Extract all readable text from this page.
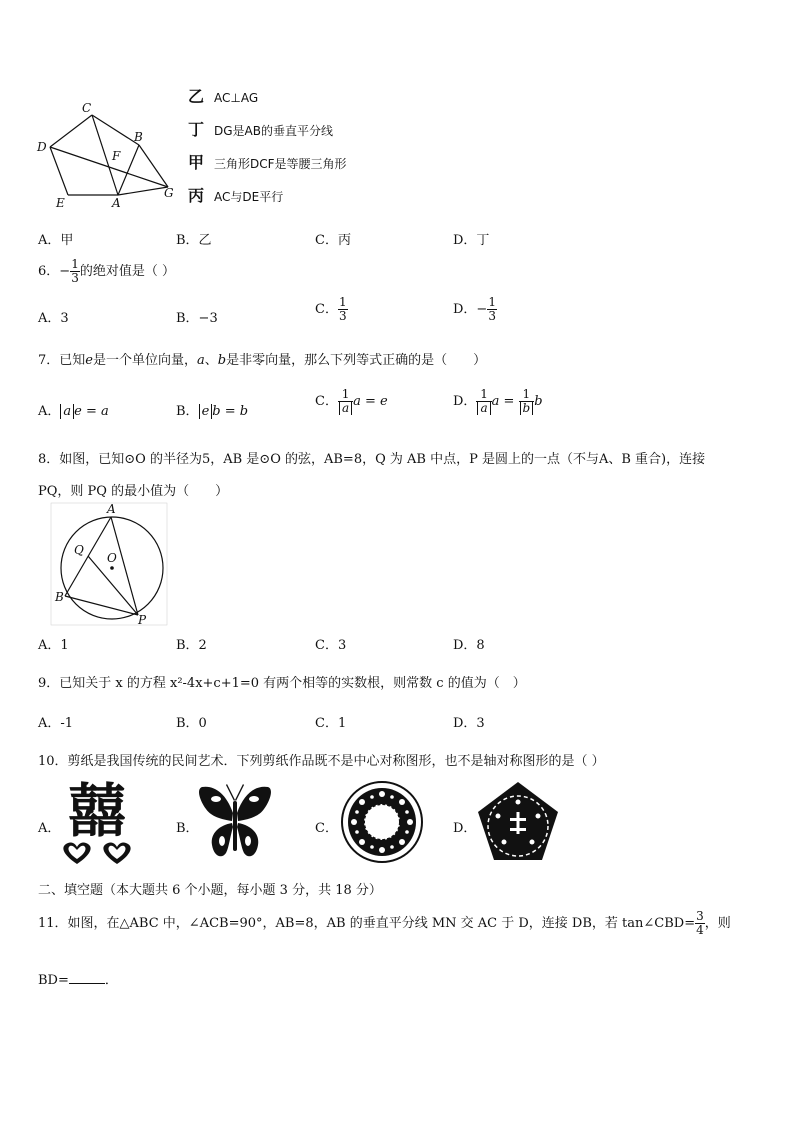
C
B
D
F
E	A
G
乙 AC⊥AG
丁 DG是AB的垂直平分线
甲 三角形DCF是等腰三角形
丙 AC与DE平行
A．甲	B．乙	C．丙	D．丁
6．− $\frac{1}{3}$ 的绝对值是（ ）
A．3	B．−3
C． $\frac{1}{3}$	D．− $\frac{1}{3}$
7．已知e是一个单位向量，a、b是非零向量，那么下列等式正确的是（　　）
A． a e = a	B． e b = b
C． $\frac{1}{a}$ a = e	D． $\frac{1}{a}$ $a = \frac{1}{b}$ b
8．如图，已知⊙O 的半径为5，AB 是⊙O 的弦，AB=8，Q 为 AB 中点，P 是圆上的一点（不与A、B 重合)，连接
PQ，则 PQ 的最小值为（　　）
A
Q
O
B
P
A．1	B．2	C．3	D．8
9．已知关于 x 的方程 x²-4x+c+1=0 有两个相等的实数根，则常数 c 的值为（　）
A．-1	B．0	C．1	D．3
10．剪纸是我国传统的民间艺术．下列剪纸作品既不是中心对称图形，也不是轴对称图形的是（ ）
A． 囍	B．	C．	D．
二、填空题（本大题共 6 个小题，每小题 3 分，共 18 分）
11．如图，在△ABC 中，∠ACB=90°，AB=8，AB 的垂直平分线 MN 交 AC 于 D，连接 DB，若 tan∠CBD= $\frac{3}{4}$ ，则
BD=	．
